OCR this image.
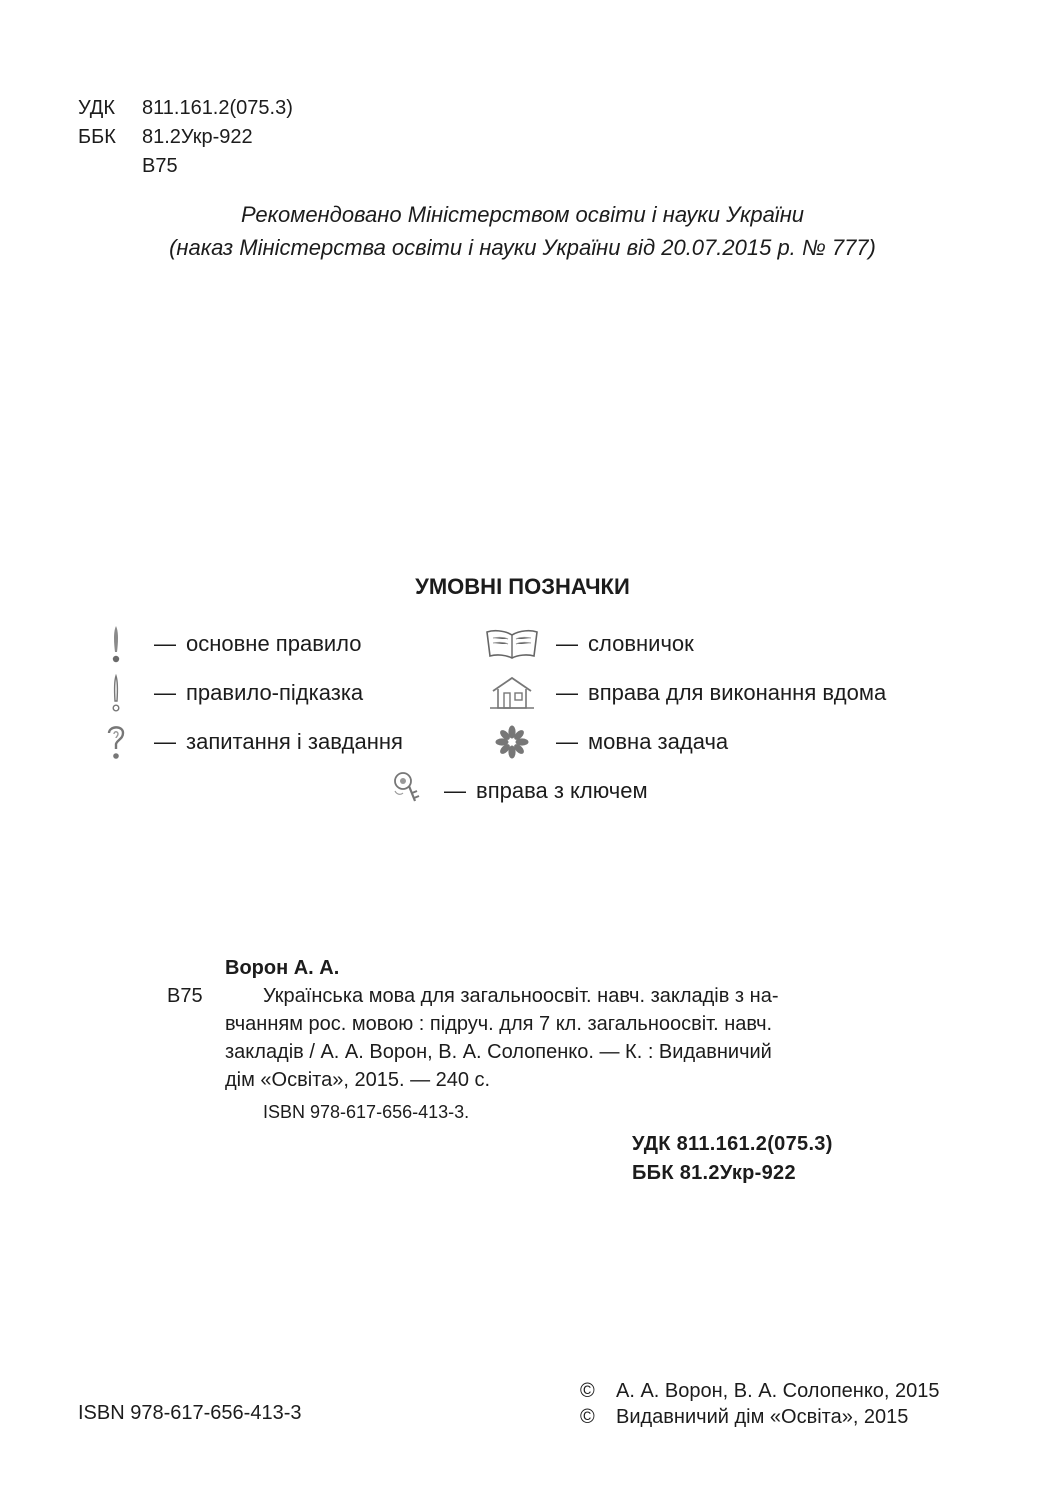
УДК	811.161.2(075.3)
ББК	81.2Укр-922
В75
Рекомендовано Міністерством освіти і науки України
(наказ Міністерства освіти і науки України від 20.07.2015 р. № 777)
УМОВНІ ПОЗНАЧКИ
— основне правило
— правило-підказка
— запитання і завдання
— словничок
— вправа для виконання вдома
— мовна задача
— вправа з ключем
Ворон А. А.
В75	Українська мова для загальноосвіт. навч. закладів з на-
вчанням рос. мовою : підруч. для 7 кл. загальноосвіт. навч.
закладів / А. А. Ворон, В. А. Солопенко. — К. : Видавничий
дім «Освіта», 2015. — 240 с.
ISBN 978-617-656-413-3.
УДК 811.161.2(075.3)
ББК 81.2Укр-922
ISBN 978-617-656-413-3
©	А. А. Ворон, В. А. Солопенко, 2015
©	Видавничий дім «Освіта», 2015
